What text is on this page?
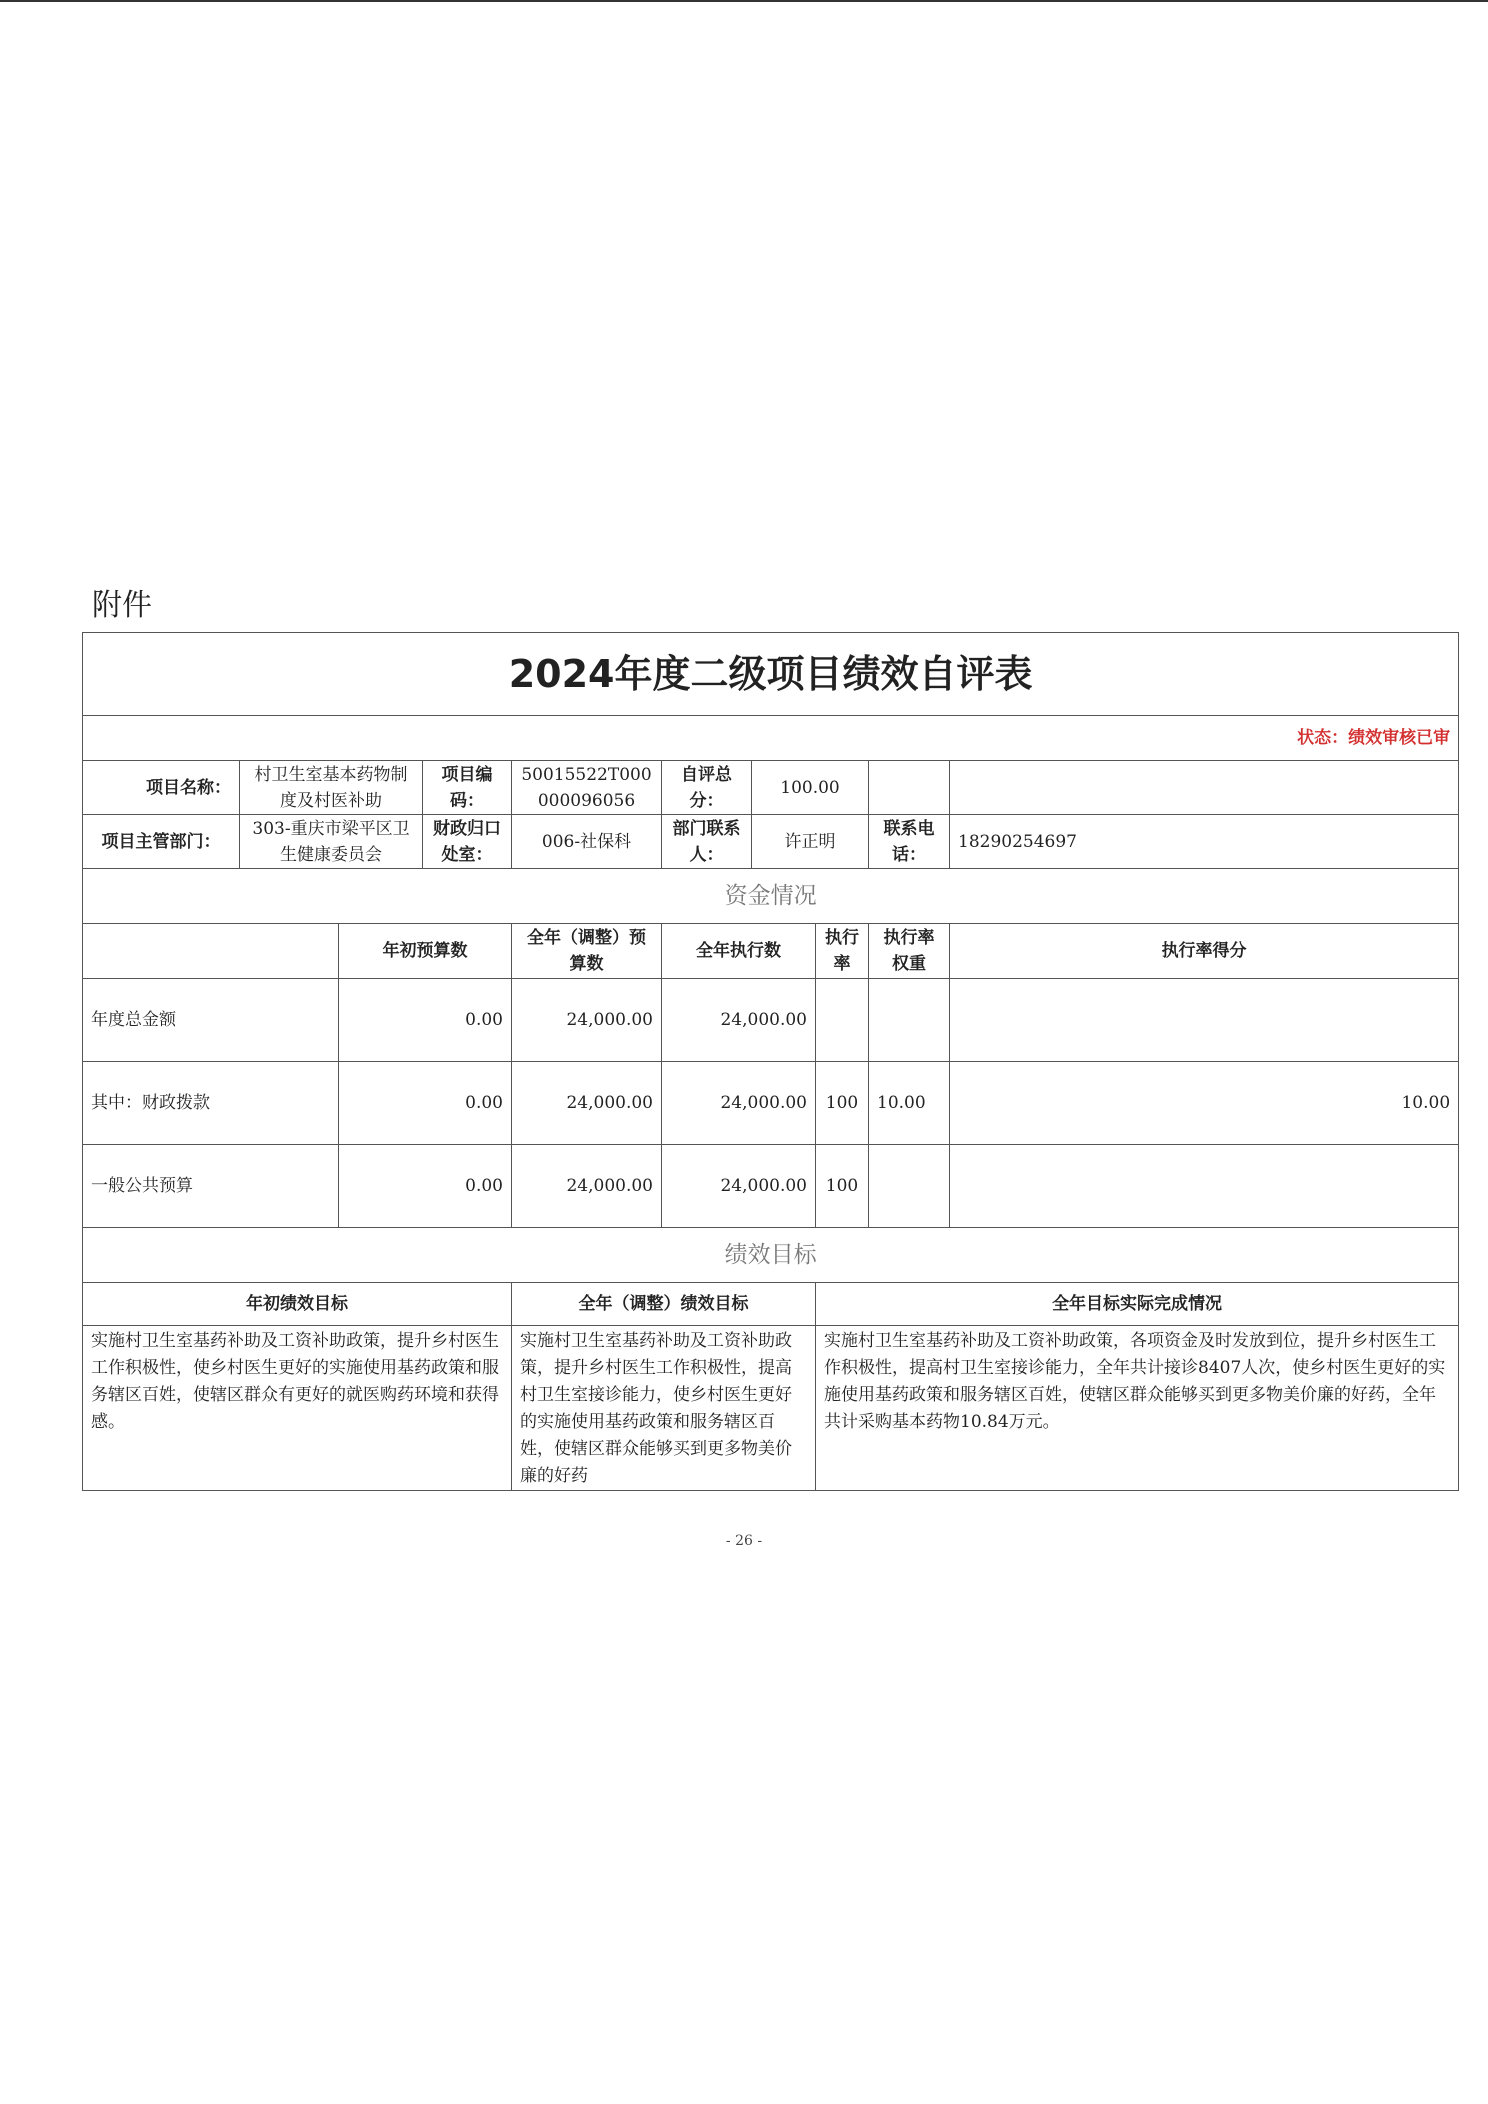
附件
2024年度二级项目绩效自评表									
状态：绩效审核已审									
项目名称：	村卫生室基本药物制度及村医补助		项目编码：	50015522T000000096056	自评总分：	100.00			
项目主管部门：	303-重庆市梁平区卫生健康委员会		财政归口处室：	006-社保科	部门联系人：	许正明		联系电话：	18290254697
资金情况									
		年初预算数		全年（调整）预算数	全年执行数		执行率	执行率权重	执行率得分
年度总金额		0.00		24,000.00	24,000.00				
其中：财政拨款		0.00		24,000.00	24,000.00		100	10.00	10.00
一般公共预算		0.00		24,000.00	24,000.00		100		
绩效目标									
年初绩效目标				全年（调整）绩效目标			全年目标实际完成情况		
实施村卫生室基药补助及工资补助政策，提升乡村医生工作积极性，使乡村医生更好的实施使用基药政策和服务辖区百姓，使辖区群众有更好的就医购药环境和获得感。				实施村卫生室基药补助及工资补助政策，提升乡村医生工作积极性，提高村卫生室接诊能力，使乡村医生更好的实施使用基药政策和服务辖区百姓，使辖区群众能够买到更多物美价廉的好药			实施村卫生室基药补助及工资补助政策，各项资金及时发放到位，提升乡村医生工作积极性，提高村卫生室接诊能力，全年共计接诊8407人次，使乡村医生更好的实施使用基药政策和服务辖区百姓，使辖区群众能够买到更多物美价廉的好药，全年共计采购基本药物10.84万元。		
- 26 -
